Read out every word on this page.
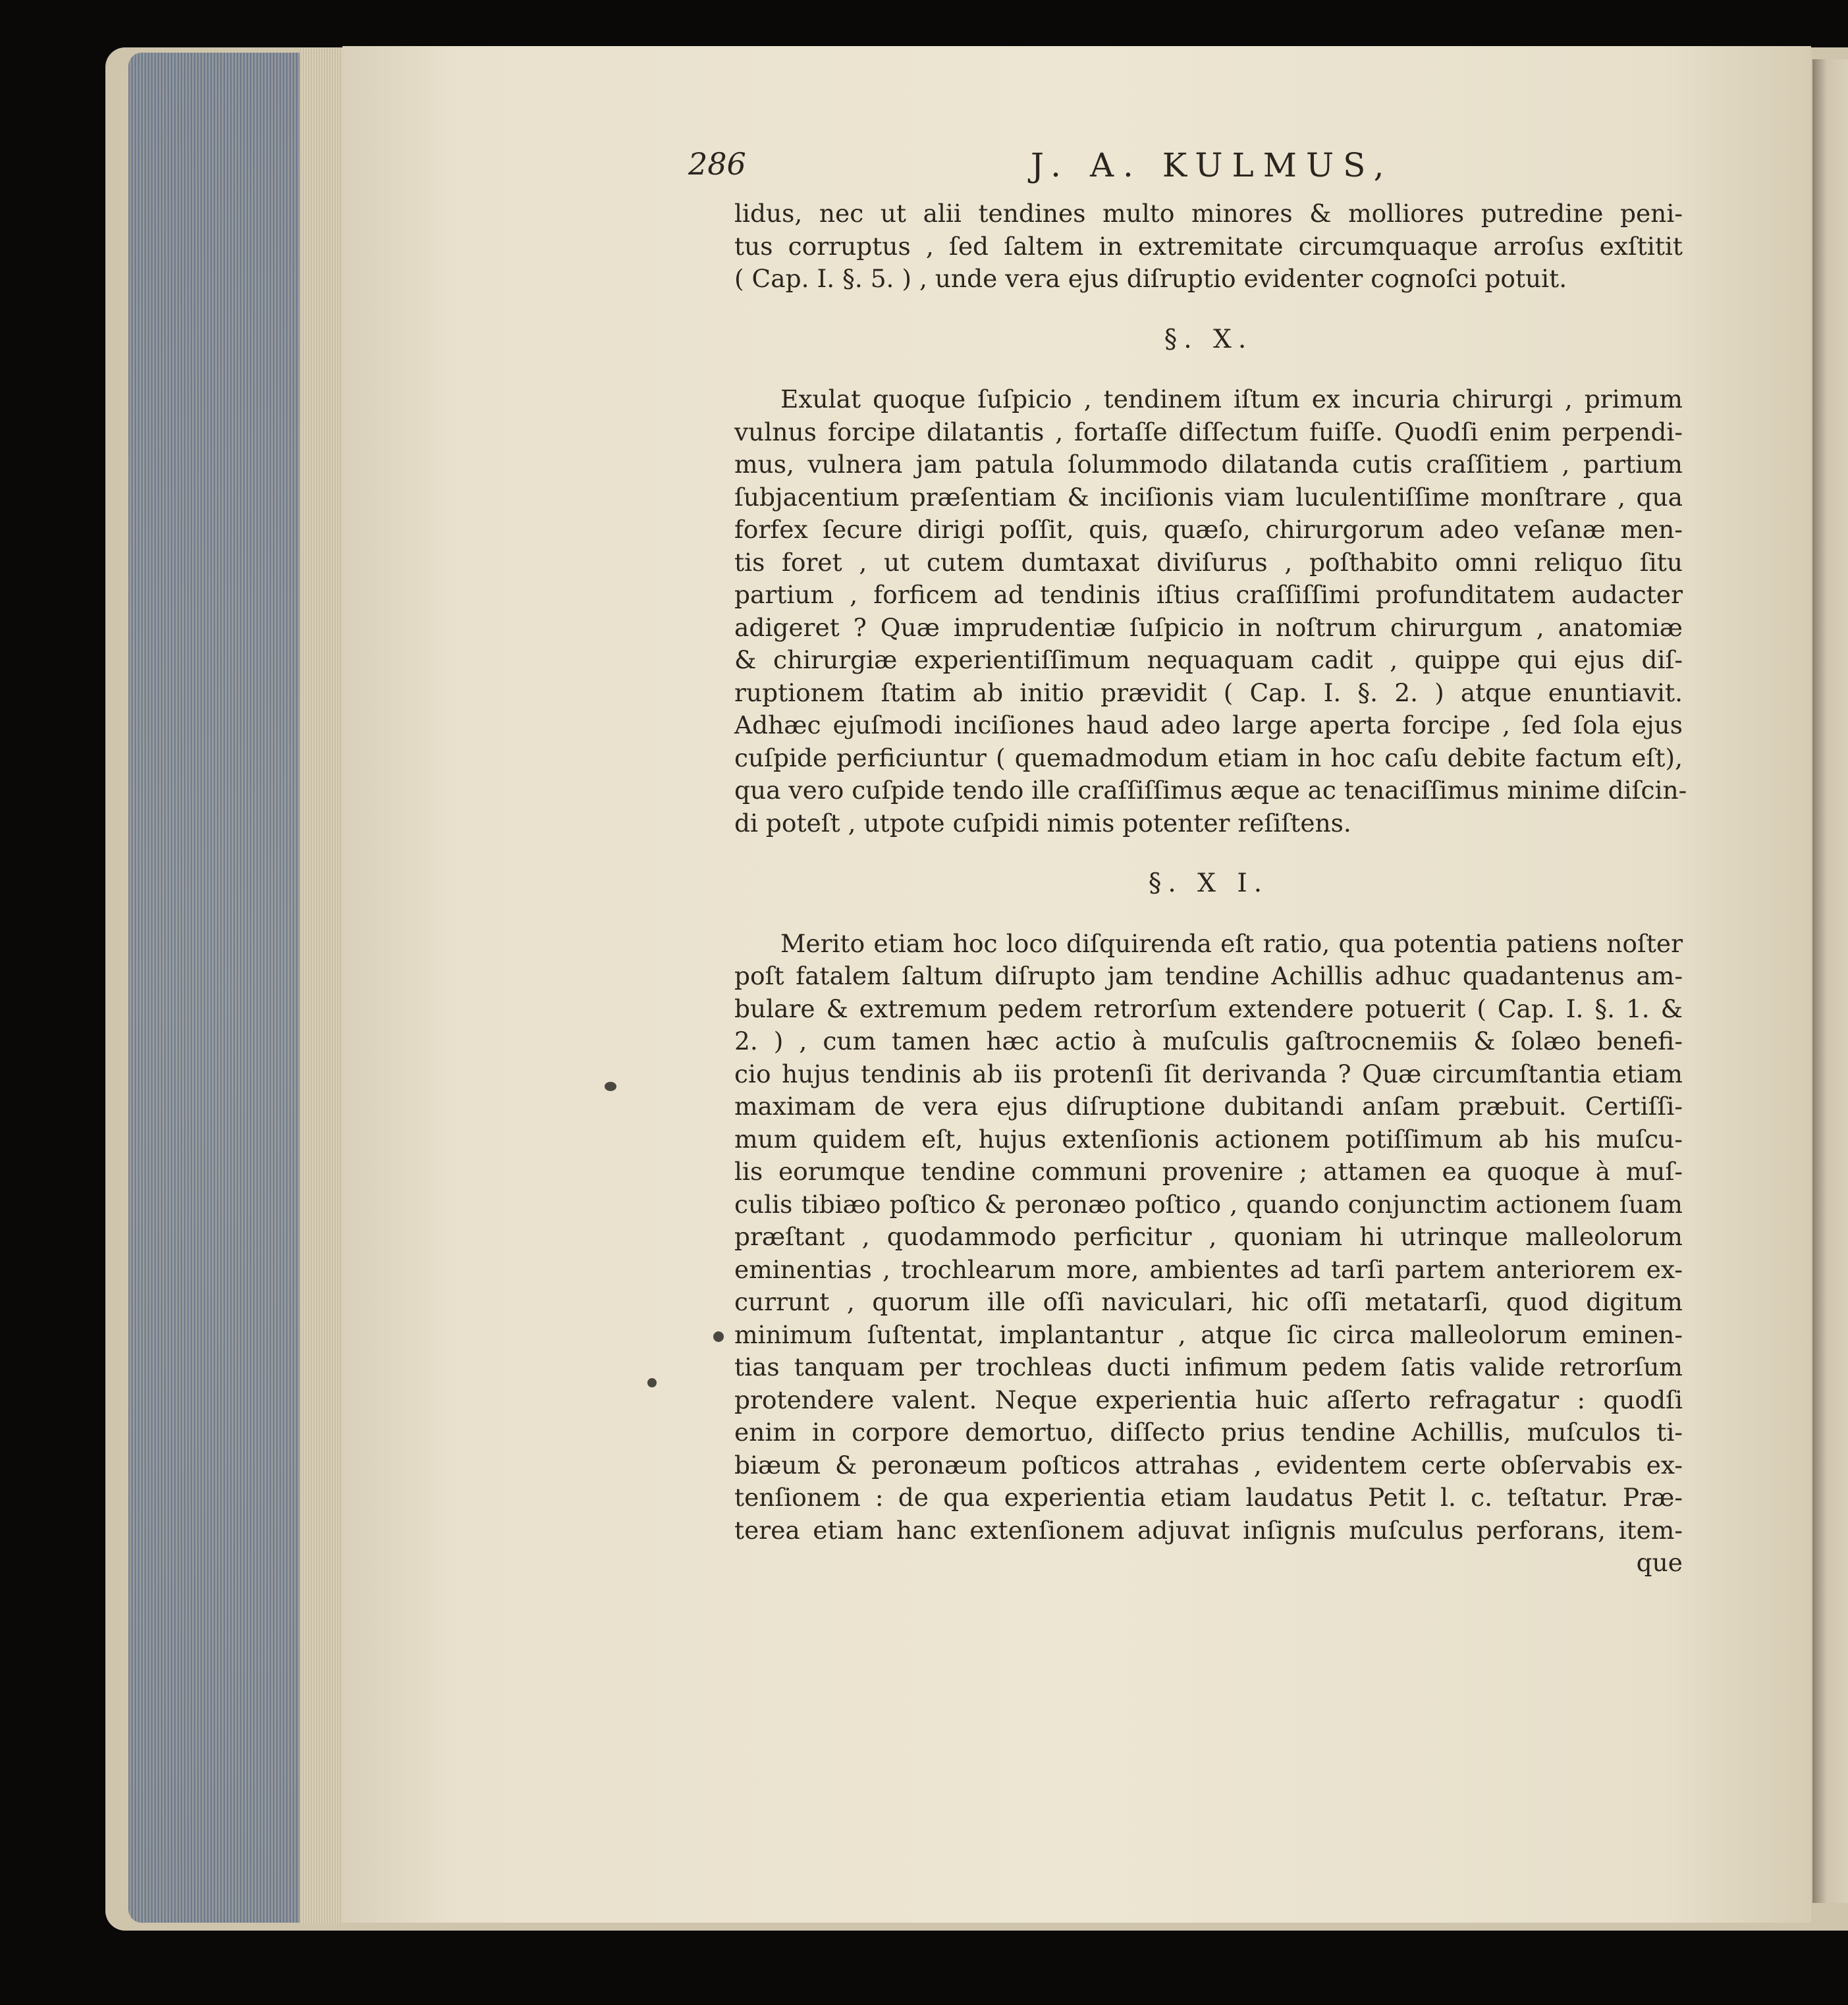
286	J. A. KULMUS,
lidus, nec ut alii tendines multo minores & molliores putredine peni-
tus corruptus , ſed ſaltem in extremitate circumquaque arroſus exſtitit
( Cap. I. §. 5. ) , unde vera ejus diſruptio evidenter cognoſci potuit.
§. X.
Exulat quoque ſuſpicio , tendinem iſtum ex incuria chirurgi , primum
vulnus forcipe dilatantis , fortaſſe diſſectum fuiſſe. Quodſi enim perpendi-
mus, vulnera jam patula ſolummodo dilatanda cutis craſſitiem , partium
ſubjacentium præſentiam & inciſionis viam luculentiſſime monſtrare , qua
forfex ſecure dirigi poſſit, quis, quæſo, chirurgorum adeo veſanæ men-
tis foret , ut cutem dumtaxat diviſurus , poſthabito omni reliquo ſitu
partium , forficem ad tendinis iſtius craſſiſſimi profunditatem audacter
adigeret ? Quæ imprudentiæ ſuſpicio in noſtrum chirurgum , anatomiæ
& chirurgiæ experientiſſimum nequaquam cadit , quippe qui ejus diſ-
ruptionem ſtatim ab initio prævidit ( Cap. I. §. 2. ) atque enuntiavit.
Adhæc ejuſmodi inciſiones haud adeo large aperta forcipe , ſed ſola ejus
cuſpide perficiuntur ( quemadmodum etiam in hoc caſu debite factum eſt),
qua vero cuſpide tendo ille craſſiſſimus æque ac tenaciſſimus minime diſcin-
di poteſt , utpote cuſpidi nimis potenter reſiſtens.
§. X I.
Merito etiam hoc loco diſquirenda eſt ratio, qua potentia patiens noſter
poſt fatalem ſaltum diſrupto jam tendine Achillis adhuc quadantenus am-
bulare & extremum pedem retrorſum extendere potuerit ( Cap. I. §. 1. &
2. ) , cum tamen hæc actio à muſculis gaſtrocnemiis & ſolæo benefi-
cio hujus tendinis ab iis protenſi ſit derivanda ? Quæ circumſtantia etiam
maximam de vera ejus diſruptione dubitandi anſam præbuit. Certiſſi-
mum quidem eſt, hujus extenſionis actionem potiſſimum ab his muſcu-
lis eorumque tendine communi provenire ; attamen ea quoque à muſ-
culis tibiæo poſtico & peronæo poſtico , quando conjunctim actionem ſuam
præſtant , quodammodo perficitur , quoniam hi utrinque malleolorum
eminentias , trochlearum more, ambientes ad tarſi partem anteriorem ex-
currunt , quorum ille oſſi naviculari, hic oſſi metatarſi, quod digitum
minimum ſuſtentat, implantantur , atque ſic circa malleolorum eminen-
tias tanquam per trochleas ducti infimum pedem ſatis valide retrorſum
protendere valent. Neque experientia huic aſſerto refragatur : quodſi
enim in corpore demortuo, diſſecto prius tendine Achillis, muſculos ti-
biæum & peronæum poſticos attrahas , evidentem certe obſervabis ex-
tenſionem : de qua experientia etiam laudatus Petit l. c. teſtatur. Præ-
terea etiam hanc extenſionem adjuvat inſignis muſculus perforans, item-
que
